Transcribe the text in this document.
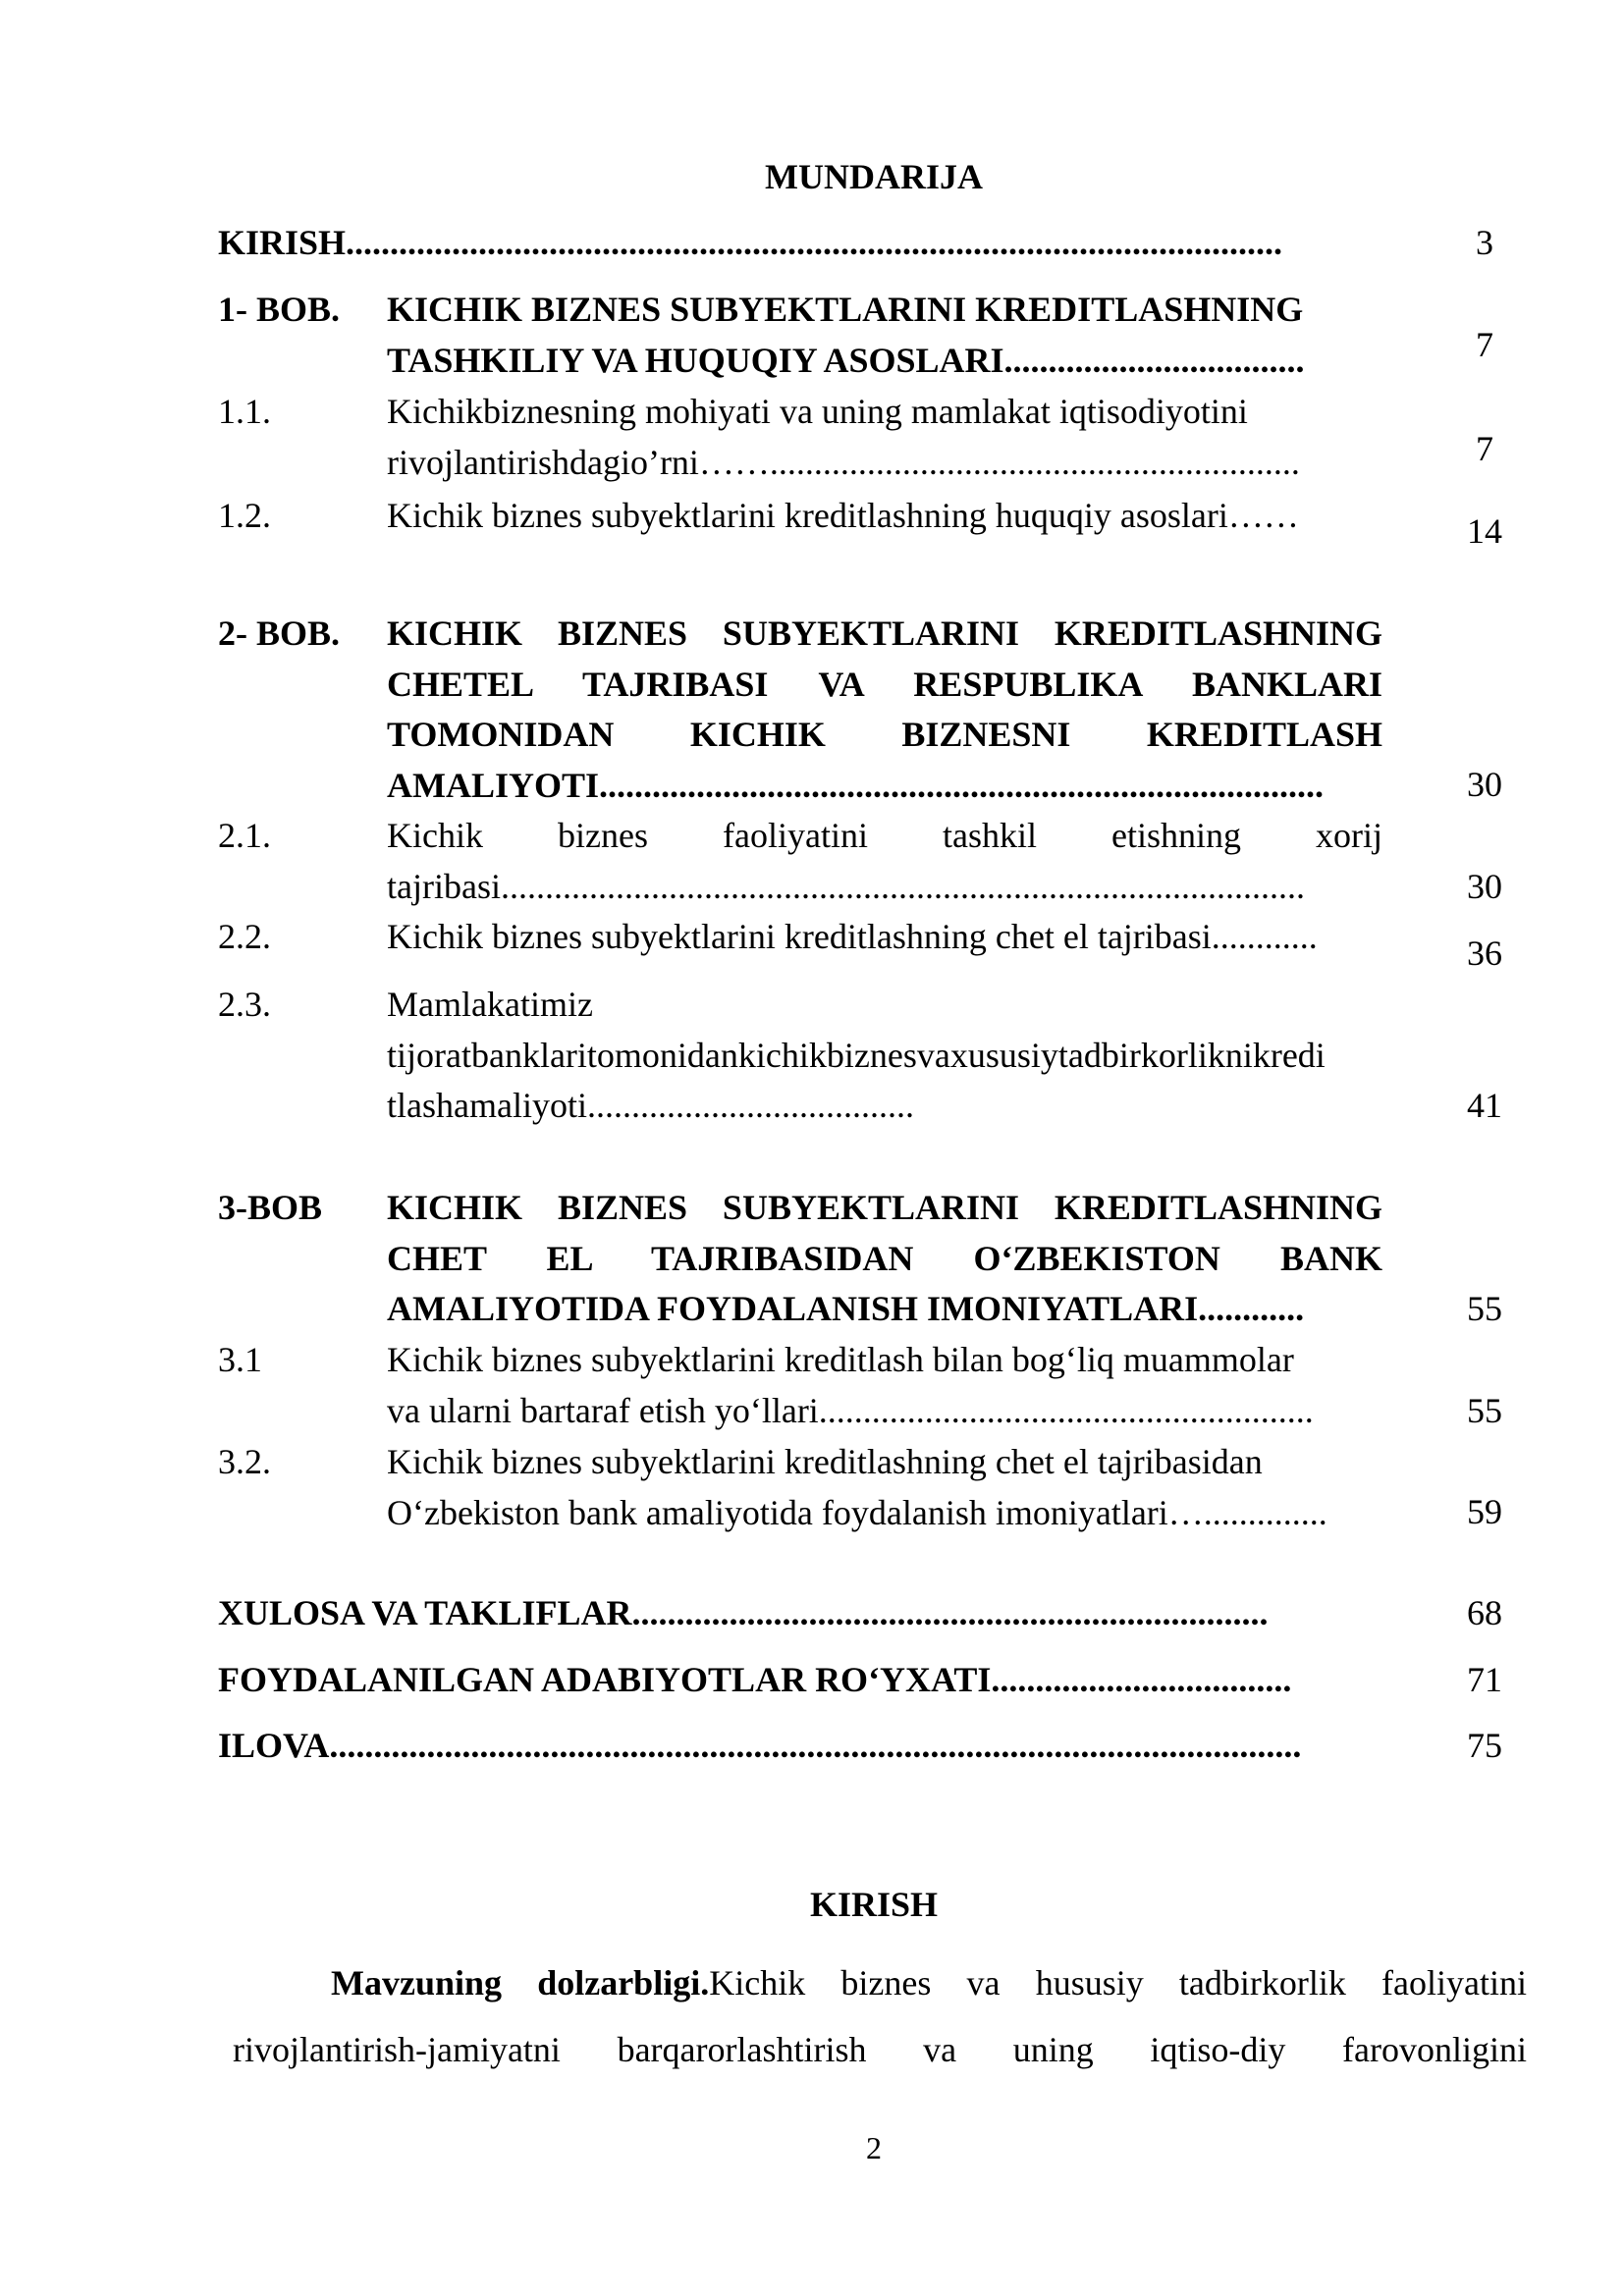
MUNDARIJA
KIRISH..........................................................................................................	3
1- BOB. KICHIK BIZNES SUBYEKTLARINI KREDITLASHNING
TASHKILIY VA HUQUQIY ASOSLARI..................................	7
1.1.	Kichikbiznesning mohiyati va uning mamlakat iqtisodiyotini
rivojlantirishdagio’rni……............................................................	7
1.2.	Kichik biznes subyektlarini kreditlashning huquqiy asoslari……	14
2- BOB. KICHIK BIZNES SUBYEKTLARINI KREDITLASHNING
CHETEL TAJRIBASI VA RESPUBLIKA BANKLARI
TOMONIDAN KICHIK BIZNESNI KREDITLASH
AMALIYOTI..................................................................................	30
2.1.	Kichik biznes faoliyatini tashkil etishning xorij
tajribasi...........................................................................................	30
2.2.	Kichik biznes subyektlarini kreditlashning chet el tajribasi............	36
2.3.	Mamlakatimiz
tijoratbanklaritomonidankichikbiznesvaxususiytadbirkorliknikredi
tlashamaliyoti.....................................	41
3-BOB KICHIK BIZNES SUBYEKTLARINI KREDITLASHNING
CHET EL TAJRIBASIDAN O‘ZBEKISTON BANK
AMALIYOTIDA FOYDALANISH IMONIYATLARI............	55
3.1	Kichik biznes subyektlarini kreditlash bilan bog‘liq muammolar
va ularni bartaraf etish yo‘llari........................................................	55
3.2.	Kichik biznes subyektlarini kreditlashning chet el tajribasidan
O‘zbekiston bank amaliyotida foydalanish imoniyatlari…..............	59
XULOSA VA TAKLIFLAR........................................................................	68
FOYDALANILGAN ADABIYOTLAR RO‘YXATI..................................	71
ILOVA..............................................................................................................	75
KIRISH
Mavzuning dolzarbligi.Kichik biznes va hususiy tadbirkorlik faoliyatini
rivojlantirish-jamiyatni barqarorlashtirish va uning iqtiso-diy farovonligini
2
